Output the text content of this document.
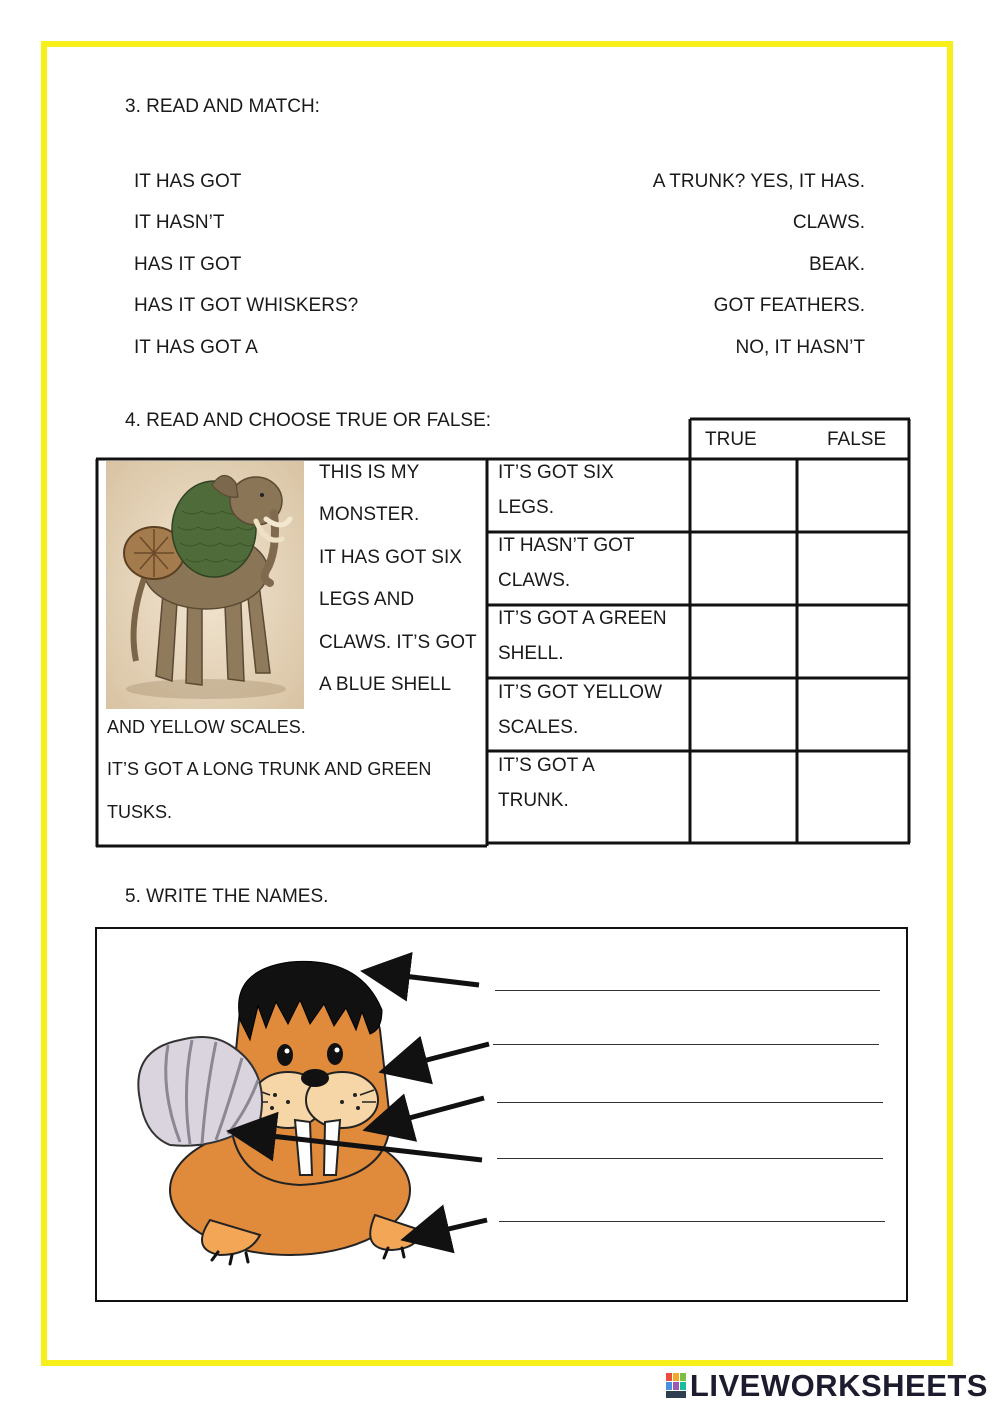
3. READ AND MATCH:
IT HAS GOT
IT HASN’T
HAS IT GOT
HAS IT GOT WHISKERS?
IT HAS GOT A
A TRUNK? YES, IT HAS.
CLAWS.
BEAK.
GOT FEATHERS.
NO, IT HASN’T
4. READ AND CHOOSE TRUE OR FALSE:
TRUE	FALSE
THIS IS MY
MONSTER.
IT HAS GOT SIX
LEGS AND
CLAWS. IT’S GOT
A BLUE SHELL
AND YELLOW SCALES.
IT’S GOT A LONG TRUNK AND GREEN
TUSKS.
IT’S GOT SIX
LEGS.
IT HASN’T GOT
CLAWS.
IT’S GOT A GREEN
SHELL.
IT’S GOT YELLOW
SCALES.
IT’S GOT A
TRUNK.
5. WRITE THE NAMES.
LIVEWORKSHEETS
